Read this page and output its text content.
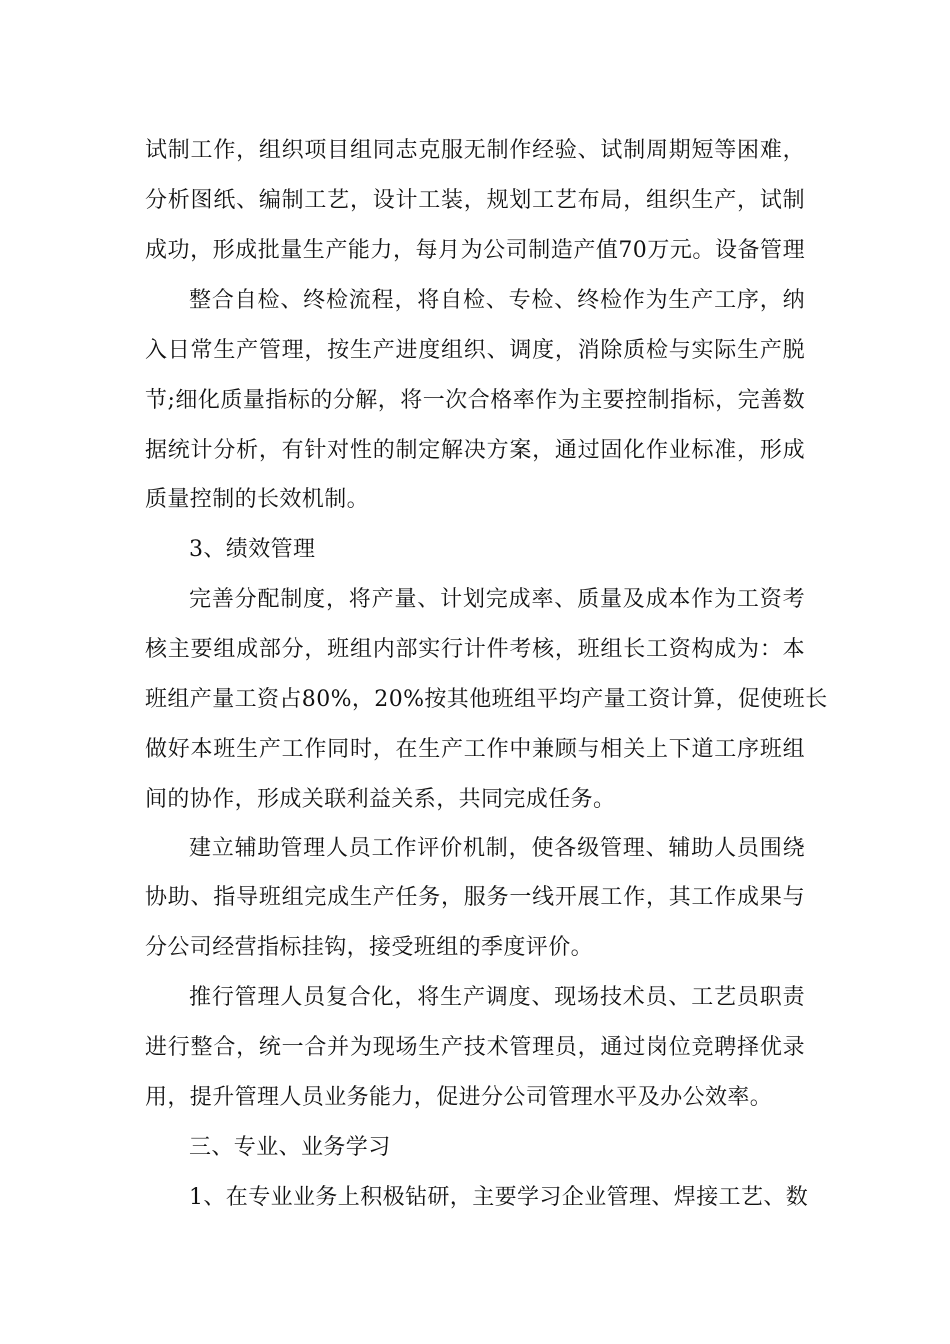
试制工作，组织项目组同志克服无制作经验、试制周期短等困难，
分析图纸、编制工艺，设计工装，规划工艺布局，组织生产，试制
成功，形成批量生产能力，每月为公司制造产值70万元。设备管理
整合自检、终检流程，将自检、专检、终检作为生产工序，纳
入日常生产管理，按生产进度组织、调度，消除质检与实际生产脱
节;细化质量指标的分解，将一次合格率作为主要控制指标，完善数
据统计分析，有针对性的制定解决方案，通过固化作业标准，形成
质量控制的长效机制。
3、绩效管理
完善分配制度，将产量、计划完成率、质量及成本作为工资考
核主要组成部分，班组内部实行计件考核，班组长工资构成为：本
班组产量工资占80%，20%按其他班组平均产量工资计算，促使班长
做好本班生产工作同时，在生产工作中兼顾与相关上下道工序班组
间的协作，形成关联利益关系，共同完成任务。
建立辅助管理人员工作评价机制，使各级管理、辅助人员围绕
协助、指导班组完成生产任务，服务一线开展工作，其工作成果与
分公司经营指标挂钩，接受班组的季度评价。
推行管理人员复合化，将生产调度、现场技术员、工艺员职责
进行整合，统一合并为现场生产技术管理员，通过岗位竞聘择优录
用，提升管理人员业务能力，促进分公司管理水平及办公效率。
三、专业、业务学习
1、在专业业务上积极钻研，主要学习企业管理、焊接工艺、数
